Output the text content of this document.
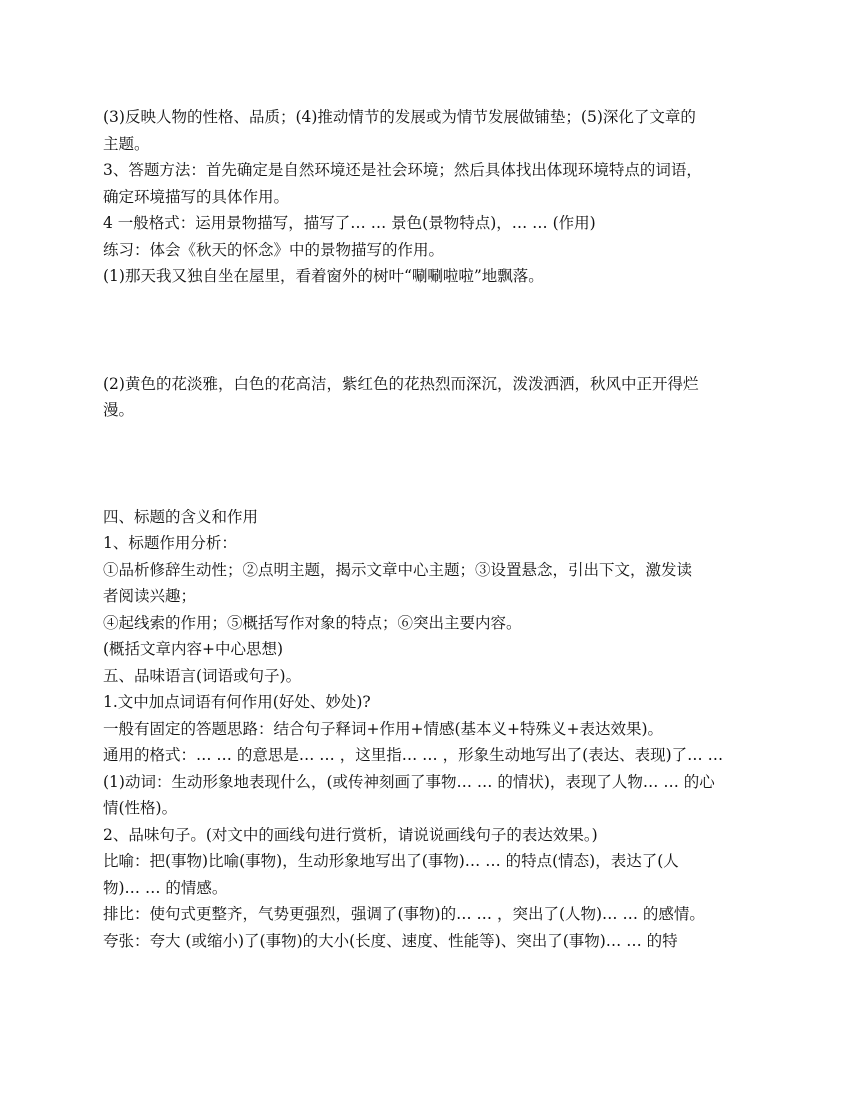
(3)反映人物的性格、品质；(4)推动情节的发展或为情节发展做铺垫；(5)深化了文章的
主题。
3、答题方法：首先确定是自然环境还是社会环境；然后具体找出体现环境特点的词语，
确定环境描写的具体作用。
4 一般格式：运用景物描写，描写了… … 景色(景物特点)，… … (作用)
练习：体会《秋天的怀念》中的景物描写的作用。
(1)那天我又独自坐在屋里，看着窗外的树叶“唰唰啦啦”地飘落。
(2)黄色的花淡雅，白色的花高洁，紫红色的花热烈而深沉，泼泼洒洒，秋风中正开得烂
漫。
四、标题的含义和作用
1、标题作用分析：
①品析修辞生动性；②点明主题，揭示文章中心主题；③设置悬念，引出下文，激发读
者阅读兴趣；
④起线索的作用；⑤概括写作对象的特点；⑥突出主要内容。
(概括文章内容+中心思想)
五、品味语言(词语或句子)。
1.文中加点词语有何作用(好处、妙处)?
一般有固定的答题思路：结合句子释词+作用+情感(基本义+特殊义+表达效果)。
通用的格式：… … 的意思是… … ，这里指… … ，形象生动地写出了(表达、表现)了… …
(1)动词：生动形象地表现什么，(或传神刻画了事物… … 的情状)，表现了人物… … 的心
情(性格)。
2、品味句子。(对文中的画线句进行赏析，请说说画线句子的表达效果。)
比喻：把(事物)比喻(事物)，生动形象地写出了(事物)… … 的特点(情态)，表达了(人
物)… … 的情感。
排比：使句式更整齐，气势更强烈，强调了(事物)的… … ，突出了(人物)… … 的感情。
夸张：夸大 (或缩小)了(事物)的大小(长度、速度、性能等)、突出了(事物)… … 的特
